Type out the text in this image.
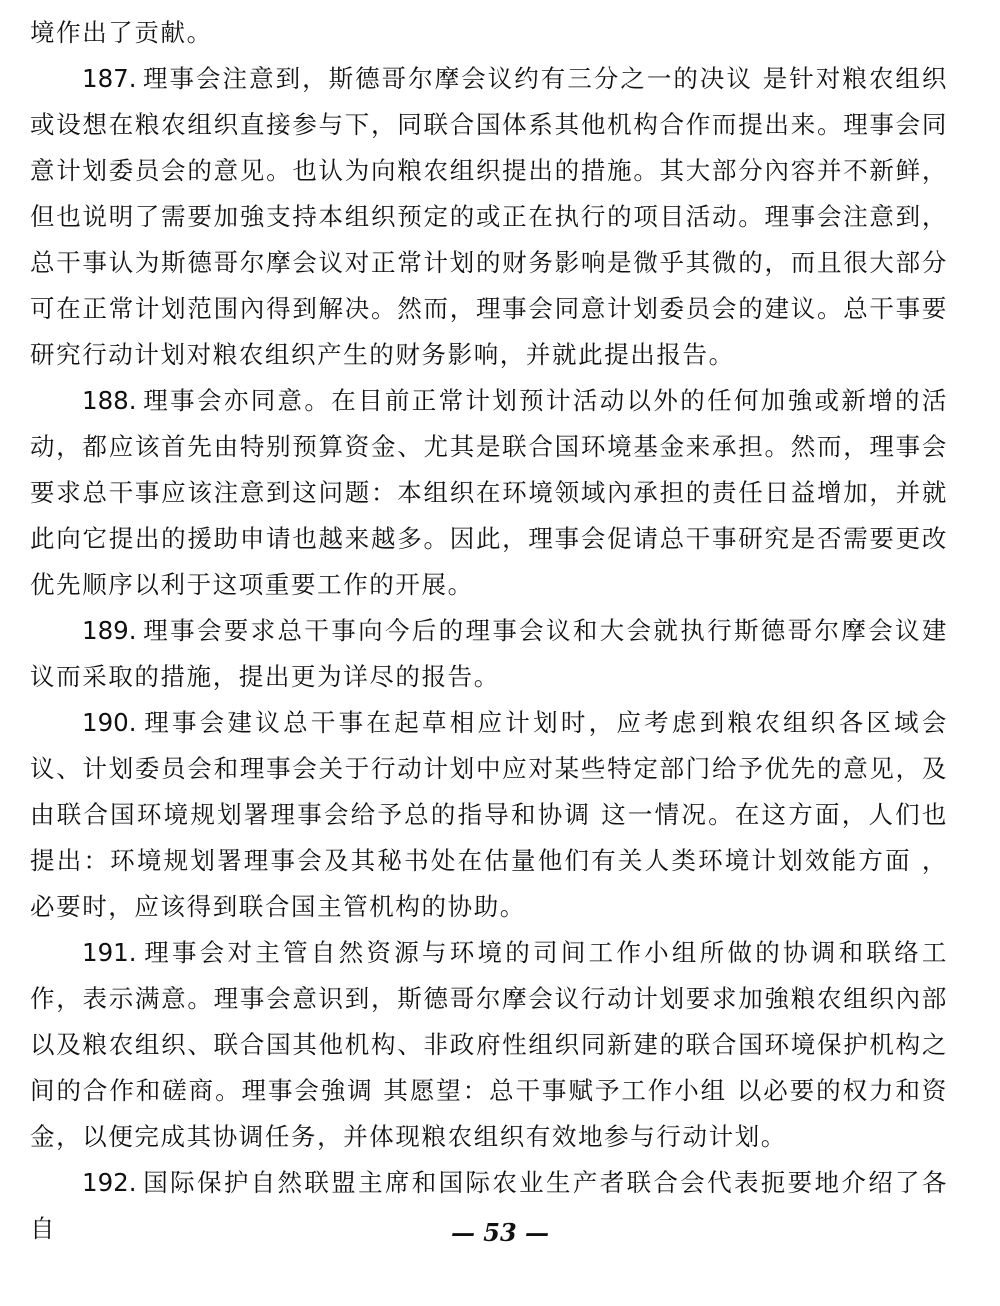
境作出了贡献。

187. 理事会注意到，斯德哥尔摩会议约有三分之一的决议 是针对粮农组织或设想在粮农组织直接参与下，同联合国体系其他机构合作而提出来。理事会同意计划委员会的意见。也认为向粮农组织提出的措施。其大部分內容并不新鲜，但也说明了需要加強支持本组织预定的或正在执行的项目活动。理事会注意到，总干事认为斯德哥尔摩会议对正常计划的财务影响是微乎其微的，而且很大部分可在正常计划范围內得到解决。然而，理事会同意计划委员会的建议。总干事要研究行动计划对粮农组织产生的财务影响，并就此提出报告。

188. 理事会亦同意。在目前正常计划预计活动以外的任何加強或新增的活动，都应该首先由特别预算资金、尤其是联合国环境基金来承担。然而，理事会要求总干事应该注意到这问题：本组织在环境领域內承担的责任日益增加，并就此向它提出的援助申请也越来越多。因此，理事会促请总干事研究是否需要更改优先顺序以利于这项重要工作的开展。

189. 理事会要求总干事向今后的理事会议和大会就执行斯德哥尔摩会议建议而采取的措施，提出更为详尽的报告。

190. 理事会建议总干事在起草相应计划时，应考虑到粮农组织各区域会议、计划委员会和理事会关于行动计划中应对某些特定部门给予优先的意见，及由联合国环境规划署理事会给予总的指导和协调 这一情况。在这方面，人们也提出：环境规划署理事会及其秘书处在估量他们有关人类环境计划效能方面 ，必要时，应该得到联合国主管机构的协助。

191. 理事会对主管自然资源与环境的司间工作小组所做的协调和联络工作，表示满意。理事会意识到，斯德哥尔摩会议行动计划要求加強粮农组织內部以及粮农组织、联合国其他机构、非政府性组织同新建的联合国环境保护机构之间的合作和磋商。理事会強调 其愿望：总干事赋予工作小组 以必要的权力和资金，以便完成其协调任务，并体现粮农组织有效地参与行动计划。

192. 国际保护自然联盟主席和国际农业生产者联合会代表扼要地介绍了各自	— 53 —
